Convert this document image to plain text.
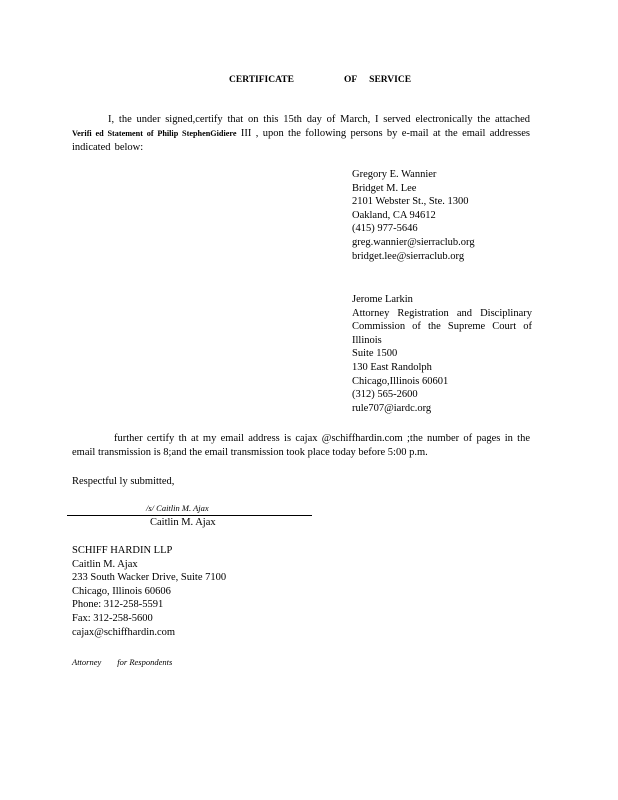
CERTIFICATE	OF SERVICE
I, the under signed,certify that on this 15th day of March, I served electronically the attached Verifi ed Statement of Philip StephenGidiere III , upon the following persons by e-mail at the email addresses indicated below:
Gregory E. Wannier
Bridget M. Lee
2101 Webster St., Ste. 1300
Oakland, CA 94612
(415) 977-5646
greg.wannier@sierraclub.org
bridget.lee@sierraclub.org
Jerome Larkin
Attorney Registration and Disciplinary Commission of the Supreme Court of Illinois
Suite 1500
130 East Randolph
Chicago,Illinois 60601
(312) 565-2600
rule707@iardc.org
further certify th at my email address is cajax @schiffhardin.com ;the number of pages in the email transmission is 8;and the email transmission took place today before 5:00 p.m.
Respectful ly submitted,
/s/ Caitlin M. Ajax
Caitlin M. Ajax
SCHIFF HARDIN LLP
Caitlin M. Ajax
233 South Wacker Drive, Suite 7100
Chicago, Illinois 60606
Phone: 312-258-5591
Fax: 312-258-5600
cajax@schiffhardin.com
Attorney for Respondents
